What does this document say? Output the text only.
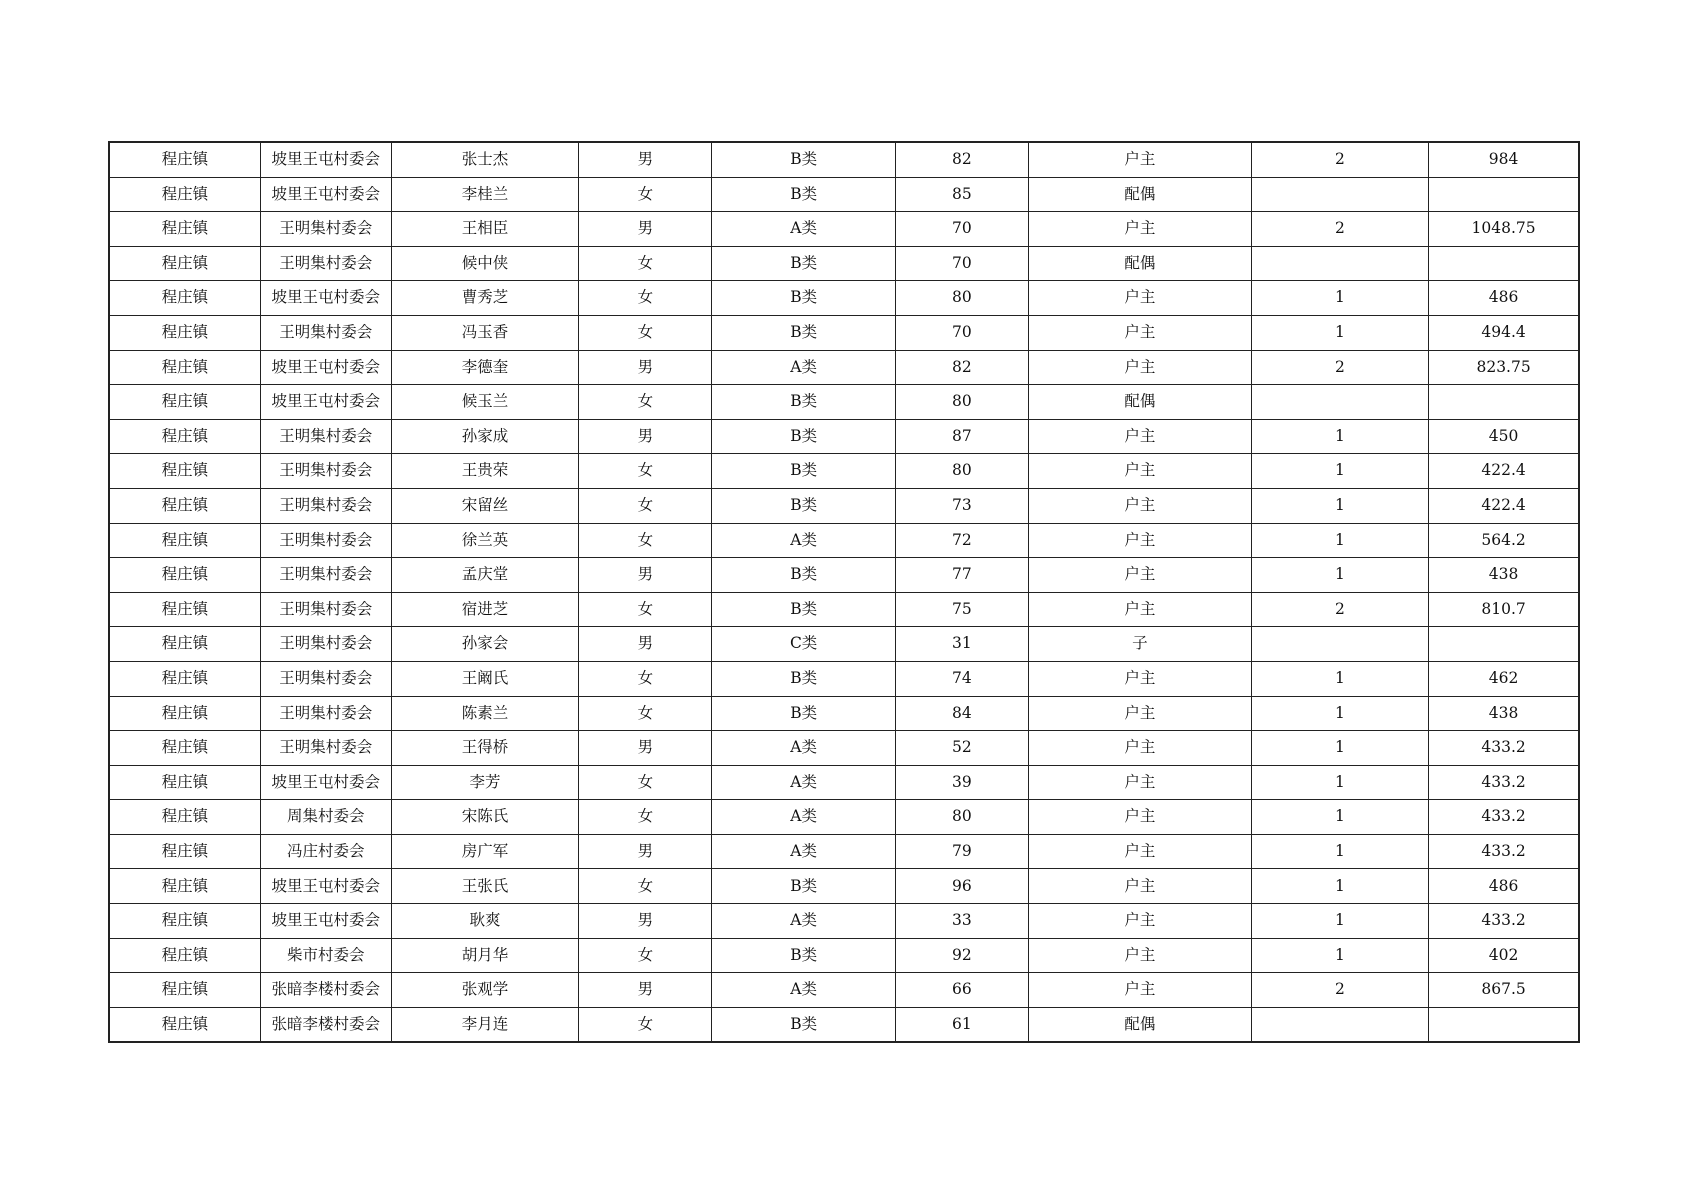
程庄镇	坡里王屯村委会	张士杰	男	B类	82	户主	2	984
程庄镇	坡里王屯村委会	李桂兰	女	B类	85	配偶		
程庄镇	王明集村委会	王相臣	男	A类	70	户主	2	1048.75
程庄镇	王明集村委会	候中侠	女	B类	70	配偶		
程庄镇	坡里王屯村委会	曹秀芝	女	B类	80	户主	1	486
程庄镇	王明集村委会	冯玉香	女	B类	70	户主	1	494.4
程庄镇	坡里王屯村委会	李德奎	男	A类	82	户主	2	823.75
程庄镇	坡里王屯村委会	候玉兰	女	B类	80	配偶		
程庄镇	王明集村委会	孙家成	男	B类	87	户主	1	450
程庄镇	王明集村委会	王贵荣	女	B类	80	户主	1	422.4
程庄镇	王明集村委会	宋留丝	女	B类	73	户主	1	422.4
程庄镇	王明集村委会	徐兰英	女	A类	72	户主	1	564.2
程庄镇	王明集村委会	孟庆堂	男	B类	77	户主	1	438
程庄镇	王明集村委会	宿进芝	女	B类	75	户主	2	810.7
程庄镇	王明集村委会	孙家会	男	C类	31	子		
程庄镇	王明集村委会	王阚氏	女	B类	74	户主	1	462
程庄镇	王明集村委会	陈素兰	女	B类	84	户主	1	438
程庄镇	王明集村委会	王得桥	男	A类	52	户主	1	433.2
程庄镇	坡里王屯村委会	李芳	女	A类	39	户主	1	433.2
程庄镇	周集村委会	宋陈氏	女	A类	80	户主	1	433.2
程庄镇	冯庄村委会	房广军	男	A类	79	户主	1	433.2
程庄镇	坡里王屯村委会	王张氏	女	B类	96	户主	1	486
程庄镇	坡里王屯村委会	耿爽	男	A类	33	户主	1	433.2
程庄镇	柴市村委会	胡月华	女	B类	92	户主	1	402
程庄镇	张暗李楼村委会	张观学	男	A类	66	户主	2	867.5
程庄镇	张暗李楼村委会	李月连	女	B类	61	配偶		
